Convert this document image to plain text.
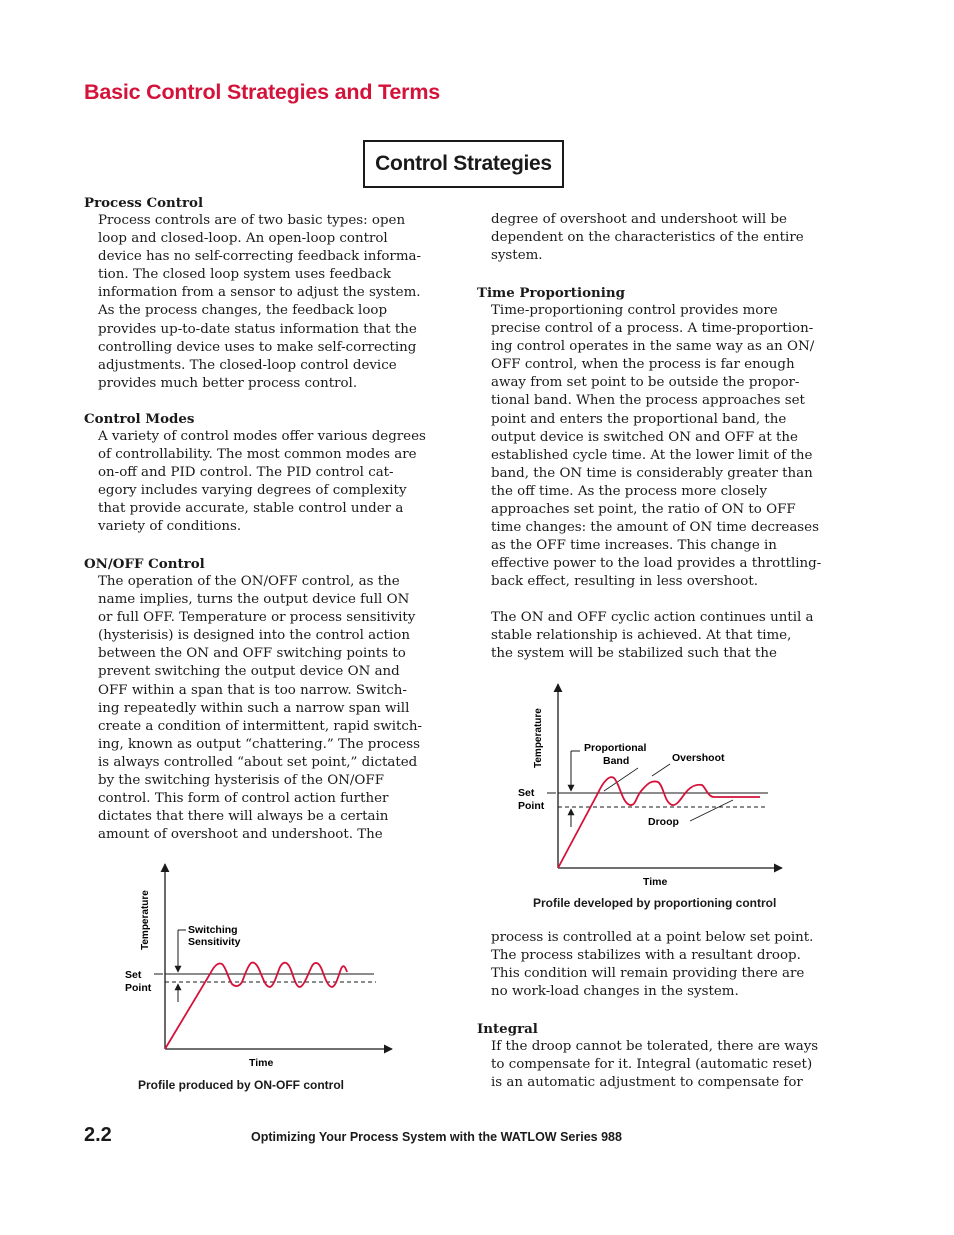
Basic Control Strategies and Terms
Control Strategies
Process Control
Process controls are of two basic types: open
loop and closed-loop. An open-loop control
device has no self-correcting feedback informa-
tion. The closed loop system uses feedback
information from a sensor to adjust the system.
As the process changes, the feedback loop
provides up-to-date status information that the
controlling device uses to make self-correcting
adjustments. The closed-loop control device
provides much better process control.
Control Modes
A variety of control modes offer various degrees
of controllability. The most common modes are
on-off and PID control. The PID control cat-
egory includes varying degrees of complexity
that provide accurate, stable control under a
variety of conditions.
ON/OFF Control
The operation of the ON/OFF control, as the
name implies, turns the output device full ON
or full OFF. Temperature or process sensitivity
(hysterisis) is designed into the control action
between the ON and OFF switching points to
prevent switching the output device ON and
OFF within a span that is too narrow. Switch-
ing repeatedly within such a narrow span will
create a condition of intermittent, rapid switch-
ing, known as output “chattering.” The process
is always controlled “about set point,” dictated
by the switching hysterisis of the ON/OFF
control. This form of control action further
dictates that there will always be a certain
amount of overshoot and undershoot. The
degree of overshoot and undershoot will be
dependent on the characteristics of the entire
system.
Time Proportioning
Time-proportioning control provides more
precise control of a process. A time-proportion-
ing control operates in the same way as an ON/
OFF control, when the process is far enough
away from set point to be outside the propor-
tional band. When the process approaches set
point and enters the proportional band, the
output device is switched ON and OFF at the
established cycle time. At the lower limit of the
band, the ON time is considerably greater than
the off time. As the process more closely
approaches set point, the ratio of ON to OFF
time changes: the amount of ON time decreases
as the OFF time increases. This change in
effective power to the load provides a throttling-
back effect, resulting in less overshoot.
The ON and OFF cyclic action continues until a
stable relationship is achieved. At that time,
the system will be stabilized such that the
Temperature
Time
Set
Point
Proportional
Band	Overshoot
Droop

Profile developed by proportioning control

process is controlled at a point below set point.
The process stabilizes with a resultant droop.
This condition will remain providing there are
no work-load changes in the system.
Integral
If the droop cannot be tolerated, there are ways
to compensate for it. Integral (automatic reset)
is an automatic adjustment to compensate for
Temperature
Time
Set
Point
Switching
Sensitivity

Profile produced by ON-OFF control

2.2	Optimizing Your Process System with the WATLOW Series 988
